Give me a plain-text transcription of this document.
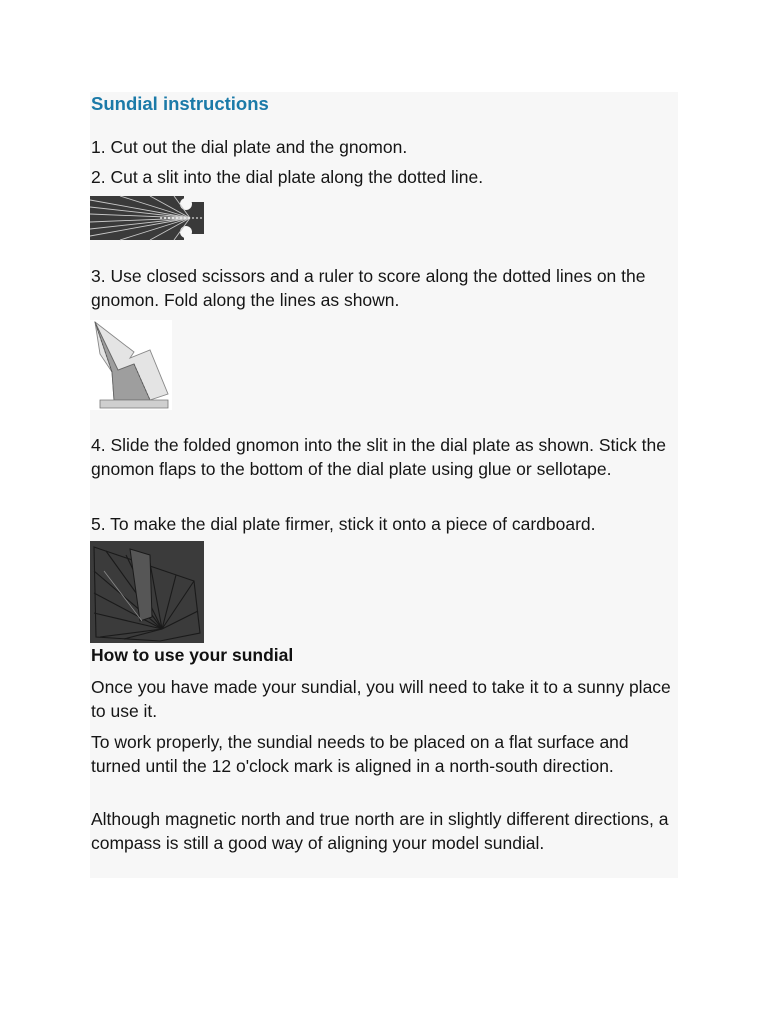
Sundial instructions
1. Cut out the dial plate and the gnomon.
2. Cut a slit into the dial plate along the dotted line.
3. Use closed scissors and a ruler to score along the dotted lines on the gnomon. Fold along the lines as shown.
4. Slide the folded gnomon into the slit in the dial plate as shown. Stick the gnomon flaps to the bottom of the dial plate using glue or sellotape.
5. To make the dial plate firmer, stick it onto a piece of cardboard.
How to use your sundial
Once you have made your sundial, you will need to take it to a sunny place to use it.
To work properly, the sundial needs to be placed on a flat surface and turned until the 12 o'clock mark is aligned in a north-south direction.
Although magnetic north and true north are in slightly different directions, a compass is still a good way of aligning your model sundial.
